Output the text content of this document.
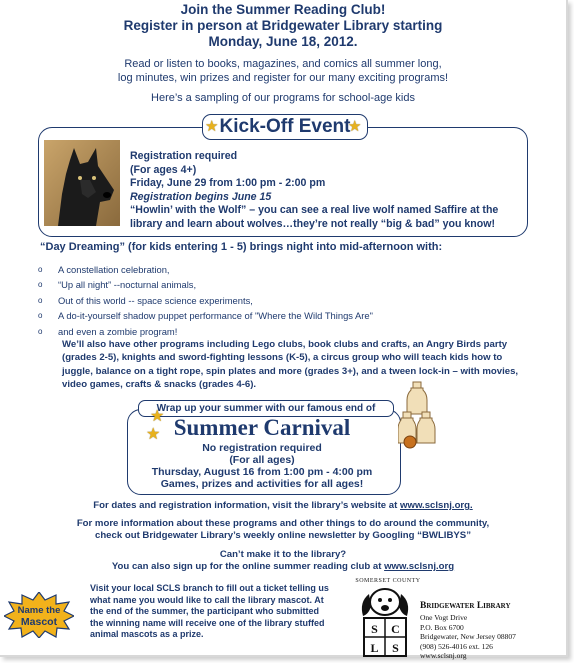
Join the Summer Reading Club!
Register in person at Bridgewater Library starting
Monday, June 18, 2012.
Read or listen to books, magazines, and comics all summer long,
log minutes, win prizes and register for our many exciting programs!
Here’s a sampling of our programs for school-age kids
Kick-Off Event
★	★
Registration required
(For ages 4+)
Friday, June 29 from 1:00 pm - 2:00 pm
Registration begins June 15
“Howlin’ with the Wolf” – you can see a real live wolf named Saffire at the
library and learn about wolves…they’re not really “big & bad” you know!
“Day Dreaming” (for kids entering 1 - 5) brings night into mid-afternoon with:
o A constellation celebration,
o “Up all night” --nocturnal animals,
o Out of this world -- space science experiments,
o A do-it-yourself shadow puppet performance of "Where the Wild Things Are"
o and even a zombie program!
We’ll also have other programs including Lego clubs, book clubs and crafts, an Angry Birds party (grades 2-5), knights and sword-fighting lessons (K-5), a circus group who will teach kids how to juggle, balance on a tight rope, spin plates and more (grades 3+), and a tween lock-in – with movies, video games, crafts & snacks (grades 4-6).
Wrap up your summer with our famous end of
Summer Carnival
No registration required
(For all ages)
Thursday, August 16 from 1:00 pm - 4:00 pm
Games, prizes and activities for all ages!
★
★
For dates and registration information, visit the library’s website at www.sclsnj.org.
For more information about these programs and other things to do around the community,
check out Bridgewater Library’s weekly online newsletter by Googling “BWLIBYS”
Can’t make it to the library?
You can also sign up for the online summer reading club at www.sclsnj.org
Name the
Mascot
Visit your local SCLS branch to fill out a ticket telling us what name you would like to call the library mascot. At the end of the summer, the participant who submitted the winning name will receive one of the library stuffed animal mascots as a prize.
SOMERSET COUNTY
S C
L S
Bridgewater Library
One Vogt Drive
P.O. Box 6700
Bridgewater, New Jersey 08807
(908) 526-4016 ext. 126
www.sclsnj.org
